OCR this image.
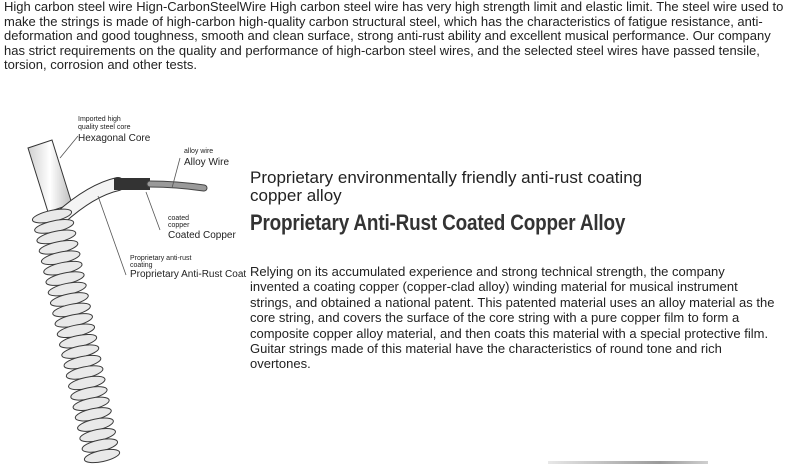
High carbon steel wire Hign-CarbonSteelWire High carbon steel wire has very high strength limit and elastic limit. The steel wire used to make the strings is made of high-carbon high-quality carbon structural steel, which has the characteristics of fatigue resistance, anti-deformation and good toughness, smooth and clean surface, strong anti-rust ability and excellent musical performance. Our company has strict requirements on the quality and performance of high-carbon steel wires, and the selected steel wires have passed tensile, torsion, corrosion and other tests.

Imported high
quality steel core
Hexagonal Core
alloy wire
Alloy Wire
coated
copper
Coated Copper
Proprietary anti-rust
coating
Proprietary Anti-Rust Coat

Proprietary environmentally friendly anti-rust coating copper alloy

Proprietary Anti-Rust Coated Copper Alloy

Relying on its accumulated experience and strong technical strength, the company invented a coating copper (copper-clad alloy) winding material for musical instrument strings, and obtained a national patent. This patented material uses an alloy material as the core string, and covers the surface of the core string with a pure copper film to form a composite copper alloy material, and then coats this material with a special protective film. Guitar strings made of this material have the characteristics of round tone and rich overtones.
